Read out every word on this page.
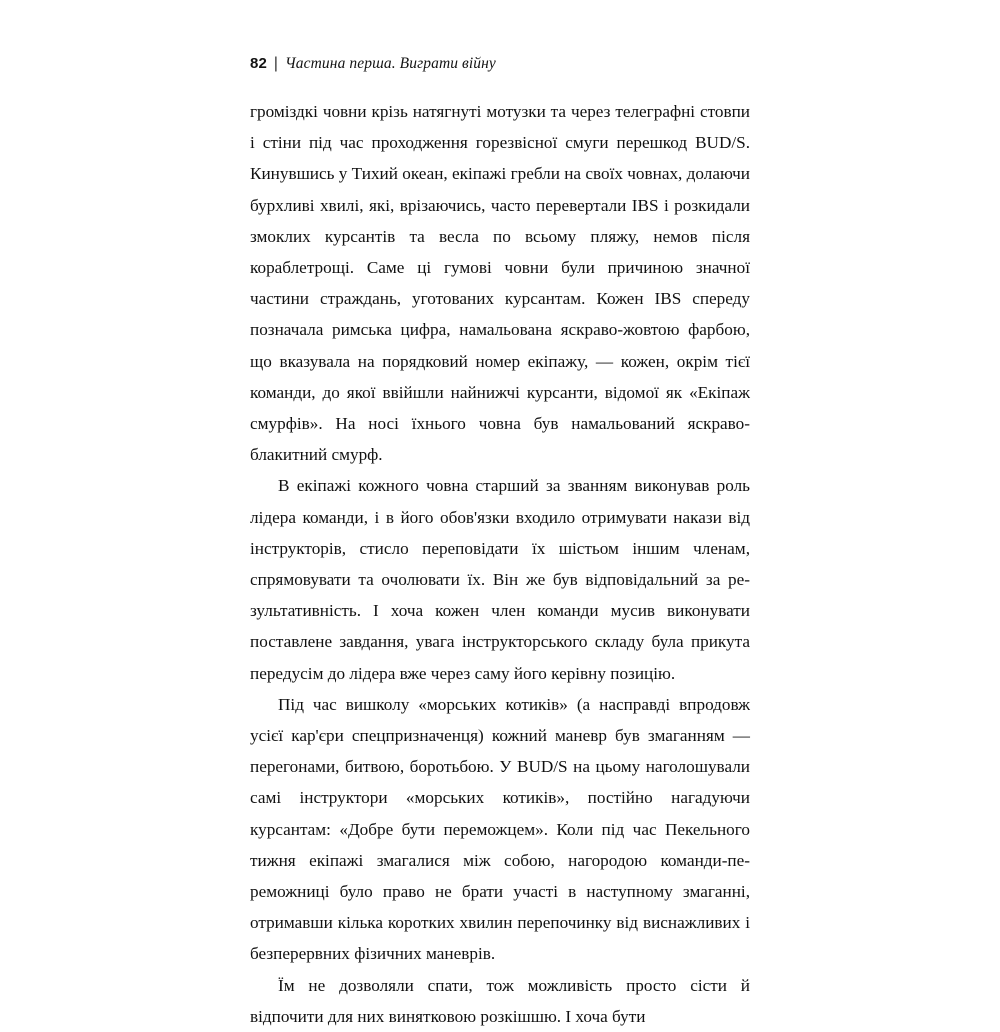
82 | Частина перша. Виграти війну

громіздкі човни крізь натягнуті мотузки та через телеграфні стовпи і стіни під час проходження горезвісної смуги перешкод BUD/S. Кинувшись у Тихий океан, екіпажі гребли на своїх човнах, долаючи бурхливі хвилі, які, врізаючись, часто перевертали IBS і розкидали змоклих курсантів та весла по всьому пляжу, немов після кораблетрощі. Саме ці гумові човни були причиною значної частини страждань, уготованих курсантам. Кожен IBS спереду позначала римська цифра, намальована яскраво-жовтою фарбою, що вказувала на порядковий номер екіпажу, — кожен, окрім тієї команди, до якої ввійшли найнижчі курсанти, відомої як «Екіпаж смурфів». На носі їхнього човна був намальований яскраво-блакитний смурф.

В екіпажі кожного човна старший за званням виконував роль лідера команди, і в його обов'язки входило отримувати накази від інструкторів, стисло переповідати їх шістьом іншим членам, спрямовувати та очолювати їх. Він же був відповідальний за результативність. І хоча кожен член команди мусив виконувати поставлене завдання, увага інструкторського складу була прикута передусім до лідера вже через саму його керівну позицію.

Під час вишколу «морських котиків» (а насправді впродовж усієї кар'єри спецпризначенця) кожний маневр був змаганням — перегонами, битвою, боротьбою. У BUD/S на цьому наголошували самі інструктори «морських котиків», постійно нагадуючи курсантам: «Добре бути переможцем». Коли під час Пекельного тижня екіпажі змагалися між собою, нагородою команди-переможниці було право не брати участі в наступному змаганні, отримавши кілька коротких хвилин перепочинку від виснажливих і безперервних фізичних маневрів.

Їм не дозволяли спати, тож можливість просто сісти й відпочити для них винятковою розкішшю. І хоча бути
